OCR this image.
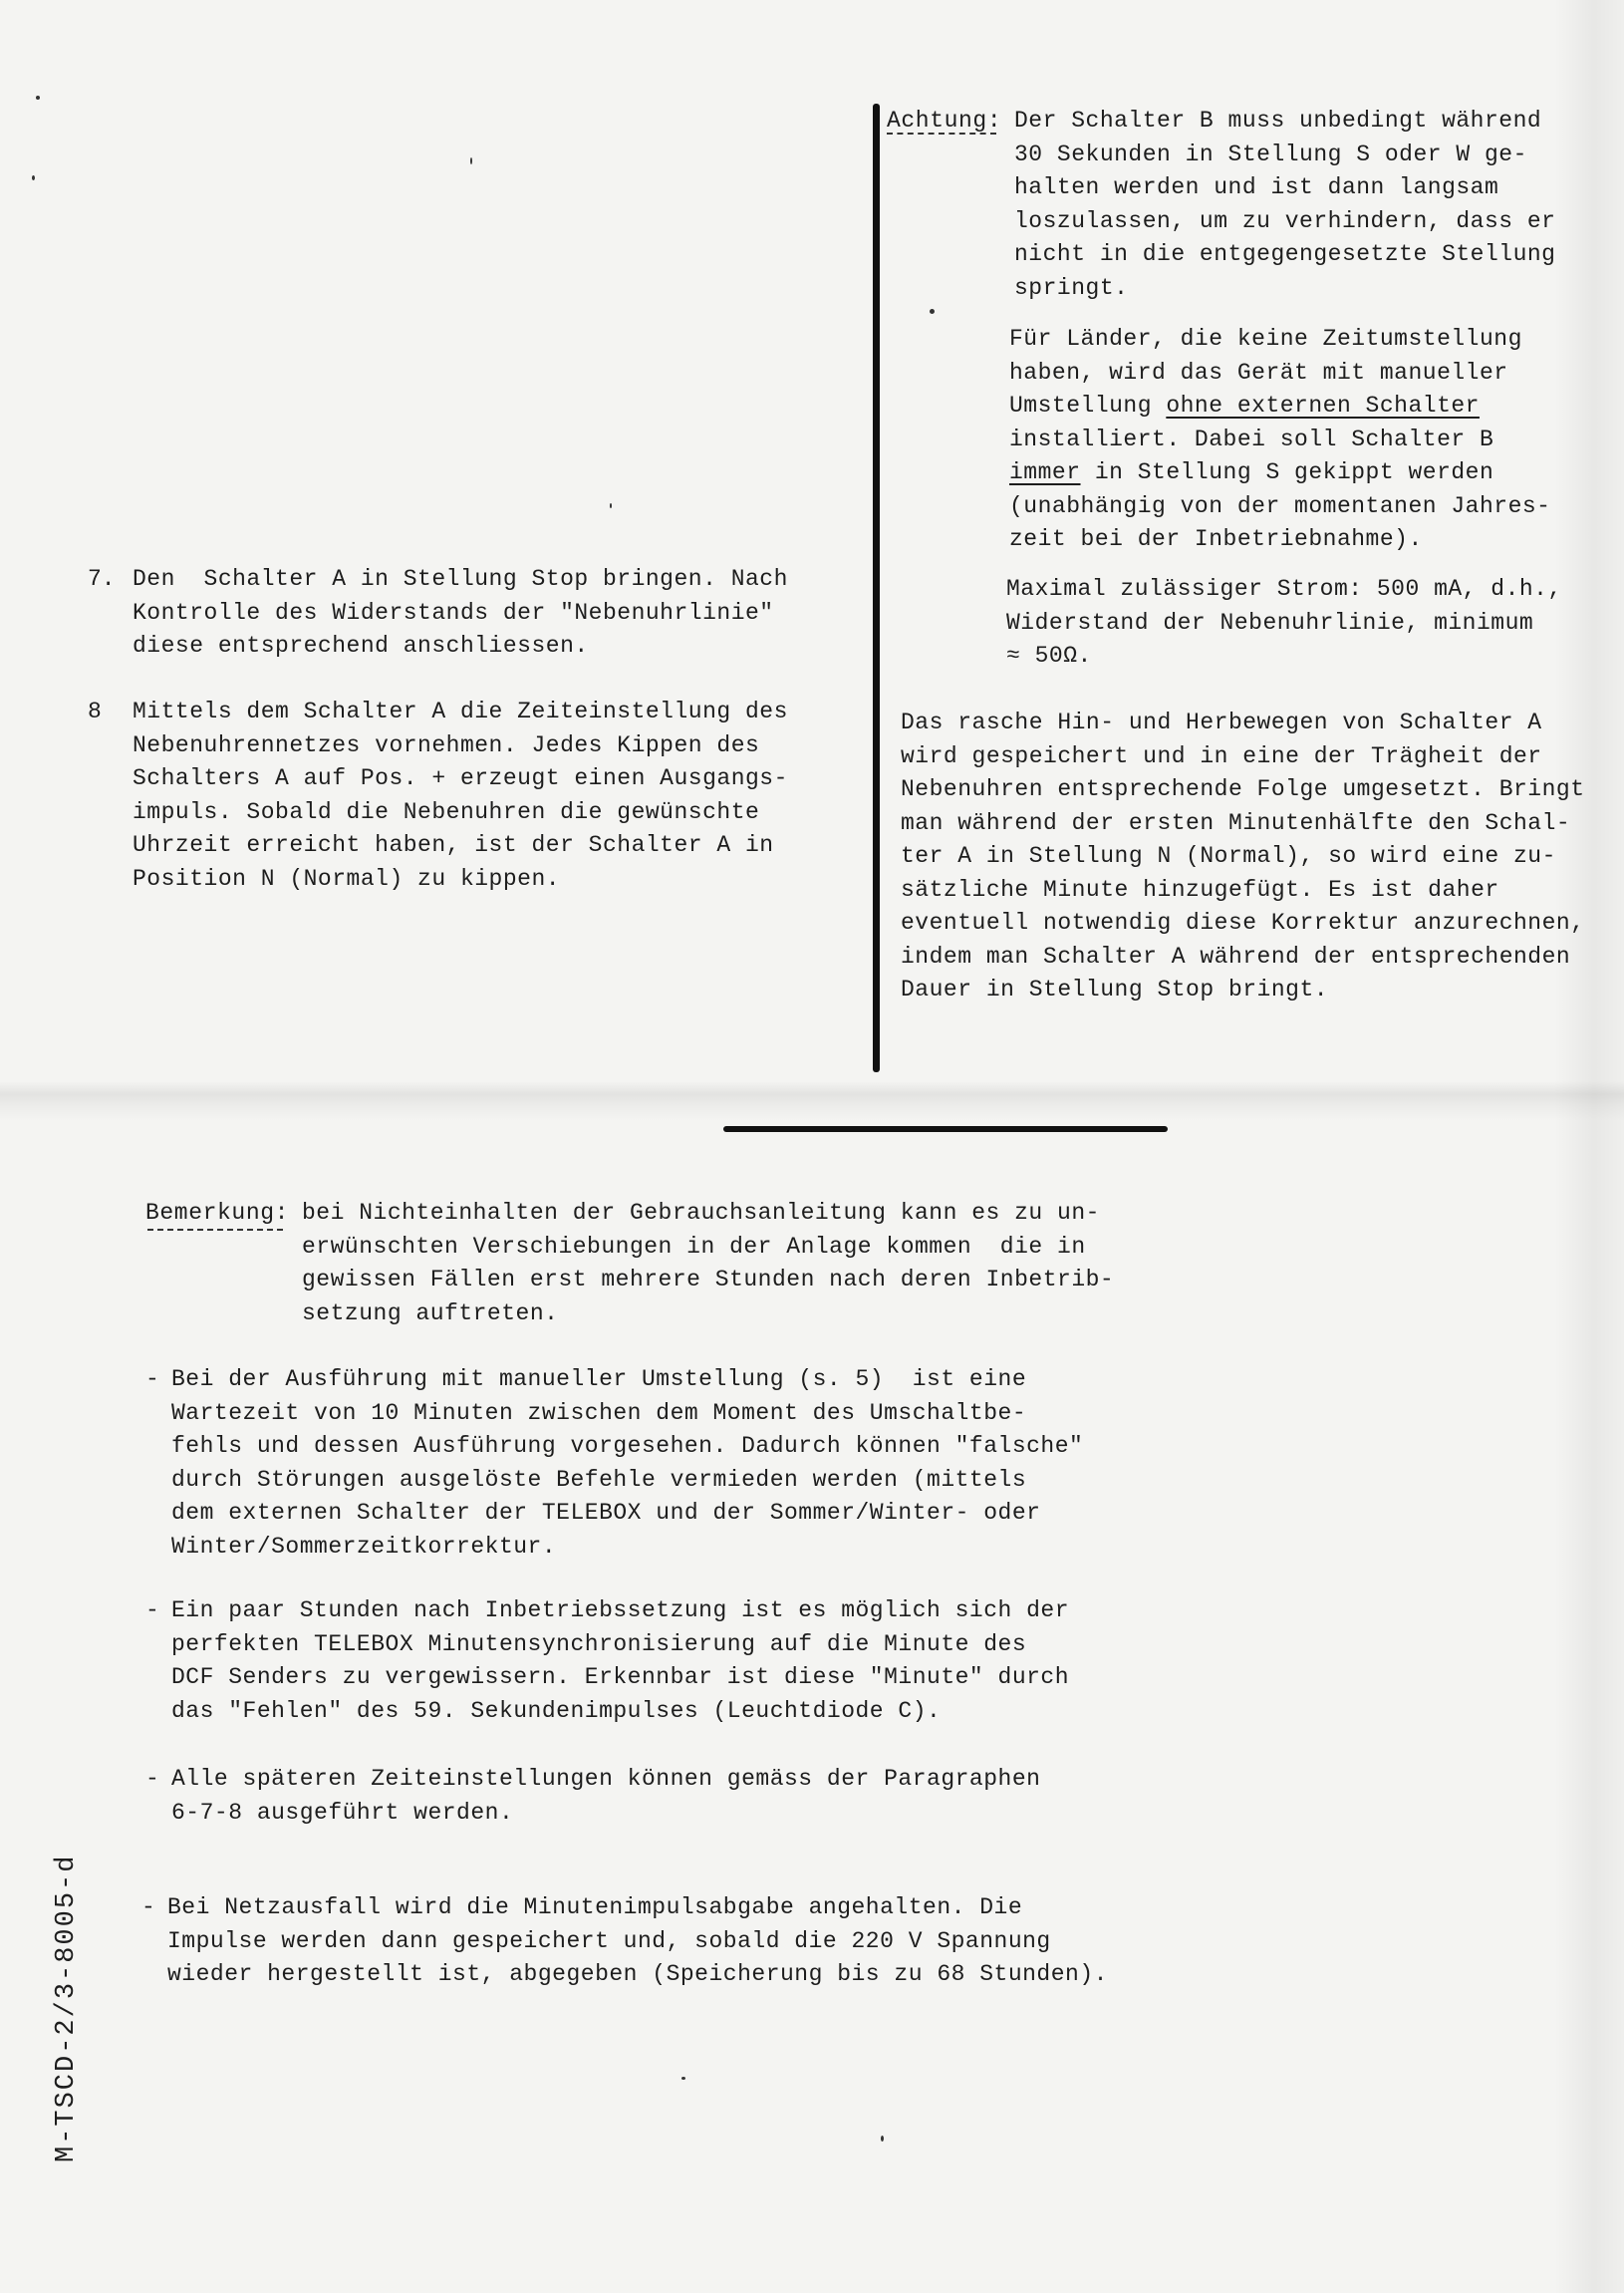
Achtung: Der Schalter B muss unbedingt während
30 Sekunden in Stellung S oder W ge-
halten werden und ist dann langsam
loszulassen, um zu verhindern, dass er
nicht in die entgegengesetzte Stellung
springt.
Für Länder, die keine Zeitumstellung
haben, wird das Gerät mit manueller
Umstellung ohne externen Schalter
installiert. Dabei soll Schalter B
immer in Stellung S gekippt werden
(unabhängig von der momentanen Jahres-
zeit bei der Inbetriebnahme).
Maximal zulässiger Strom: 500 mA, d.h.,
Widerstand der Nebenuhrlinie, minimum
≈ 50Ω.
Das rasche Hin- und Herbewegen von Schalter A
wird gespeichert und in eine der Trägheit der
Nebenuhren entsprechende Folge umgesetzt. Bringt
man während der ersten Minutenhälfte den Schal-
ter A in Stellung N (Normal), so wird eine zu-
sätzliche Minute hinzugefügt. Es ist daher
eventuell notwendig diese Korrektur anzurechnen,
indem man Schalter A während der entsprechenden
Dauer in Stellung Stop bringt.
7. Den  Schalter A in Stellung Stop bringen. Nach
Kontrolle des Widerstands der "Nebenuhrlinie"
diese entsprechend anschliessen.
8 Mittels dem Schalter A die Zeiteinstellung des
Nebenuhrennetzes vornehmen. Jedes Kippen des
Schalters A auf Pos. + erzeugt einen Ausgangs-
impuls. Sobald die Nebenuhren die gewünschte
Uhrzeit erreicht haben, ist der Schalter A in
Position N (Normal) zu kippen.
Bemerkung: bei Nichteinhalten der Gebrauchsanleitung kann es zu un-
erwünschten Verschiebungen in der Anlage kommen  die in
gewissen Fällen erst mehrere Stunden nach deren Inbetrib-
setzung auftreten.
- Bei der Ausführung mit manueller Umstellung (s. 5)  ist eine
Wartezeit von 10 Minuten zwischen dem Moment des Umschaltbe-
fehls und dessen Ausführung vorgesehen. Dadurch können "falsche"
durch Störungen ausgelöste Befehle vermieden werden (mittels
dem externen Schalter der TELEBOX und der Sommer/Winter- oder
Winter/Sommerzeitkorrektur.
- Ein paar Stunden nach Inbetriebssetzung ist es möglich sich der
perfekten TELEBOX Minutensynchronisierung auf die Minute des
DCF Senders zu vergewissern. Erkennbar ist diese "Minute" durch
das "Fehlen" des 59. Sekundenimpulses (Leuchtdiode C).
- Alle späteren Zeiteinstellungen können gemäss der Paragraphen
6-7-8 ausgeführt werden.
- Bei Netzausfall wird die Minutenimpulsabgabe angehalten. Die
Impulse werden dann gespeichert und, sobald die 220 V Spannung
wieder hergestellt ist, abgegeben (Speicherung bis zu 68 Stunden).
M-TSCD-2/3-8005-d
